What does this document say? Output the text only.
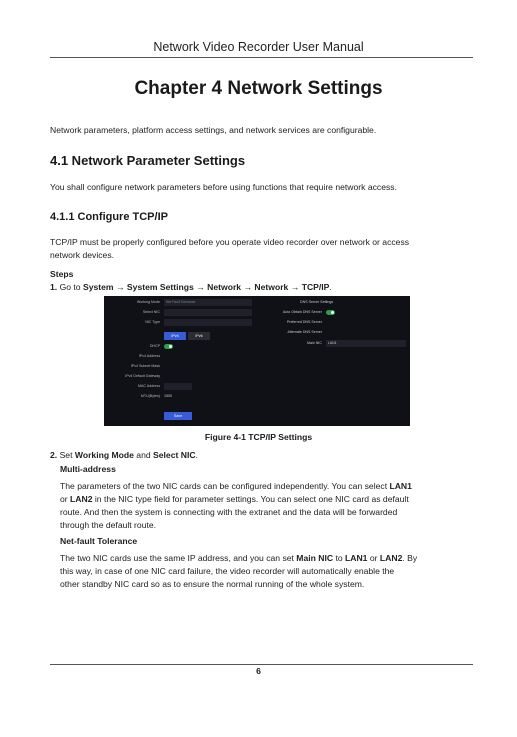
Network Video Recorder User Manual
Chapter 4 Network Settings
Network parameters, platform access settings, and network services are configurable.
4.1 Network Parameter Settings
You shall configure network parameters before using functions that require network access.
4.1.1 Configure TCP/IP
TCP/IP must be properly configured before you operate video recorder over network or access
network devices.
Steps
1. Go to System → System Settings → Network → Network → TCP/IP.
Working Mode	Net Fault Tolerance
Select NIC
NIC Type
IPv4	IPv6
DHCP
IPv4 Address
IPv4 Subnet Mask
IPv4 Default Gateway
MAC Address
MTU(Bytes) 1500
Save
DNS Server Settings
Auto Obtain DNS Server
Preferred DNS Server
Alternate DNS Server
Main NIC	LAN1
Figure 4-1 TCP/IP Settings
2. Set Working Mode and Select NIC.
Multi-address
The parameters of the two NIC cards can be configured independently. You can select LAN1
or LAN2 in the NIC type field for parameter settings. You can select one NIC card as default
route. And then the system is connecting with the extranet and the data will be forwarded
through the default route.
Net-fault Tolerance
The two NIC cards use the same IP address, and you can set Main NIC to LAN1 or LAN2. By
this way, in case of one NIC card failure, the video recorder will automatically enable the
other standby NIC card so as to ensure the normal running of the whole system.
6
